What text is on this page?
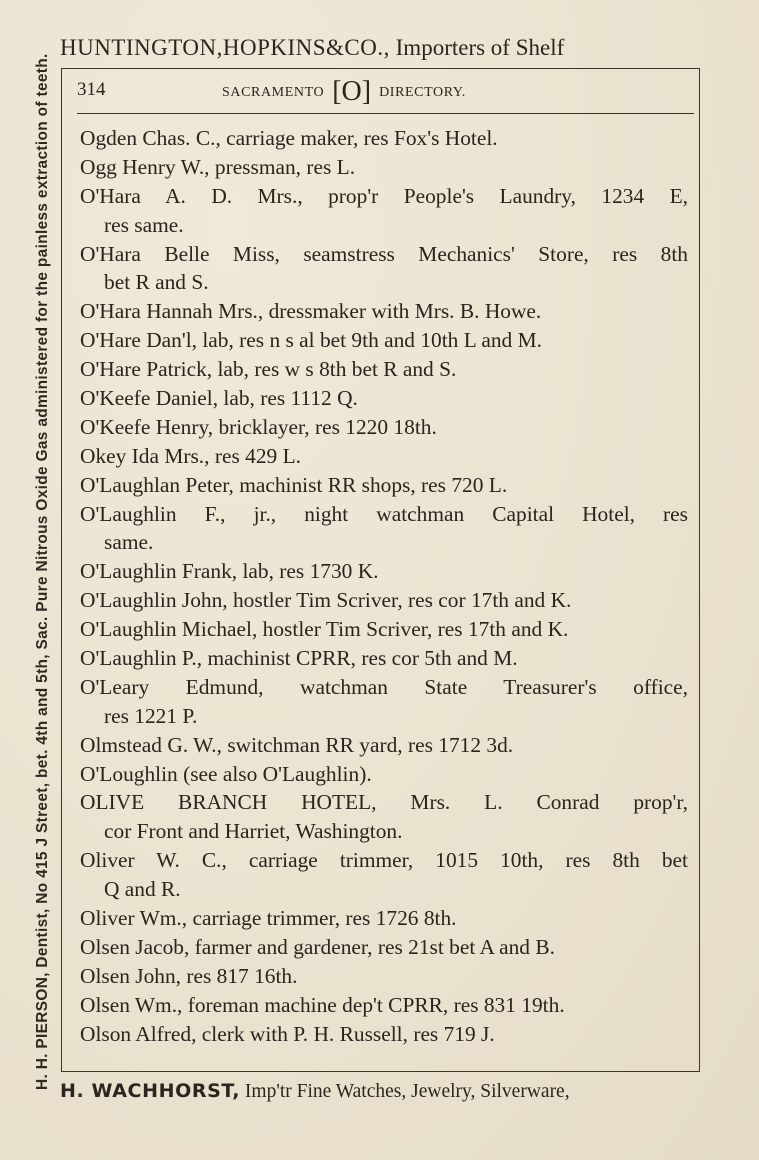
HUNTINGTON,HOPKINS&CO., Importers of Shelf
H. H. PIERSON, Dentist, No 415 J Street, bet. 4th and 5th, Sac. Pure Nitrous Oxide Gas administered for the painless extraction of teeth. 314	SACRAMENTO [O] DIRECTORY.
Ogden Chas. C., carriage maker, res Fox's Hotel.
Ogg Henry W., pressman, res L.
O'Hara A. D. Mrs., prop'r People's Laundry, 1234 E,
res same.
O'Hara Belle Miss, seamstress Mechanics' Store, res 8th
bet R and S.
O'Hara Hannah Mrs., dressmaker with Mrs. B. Howe.
O'Hare Dan'l, lab, res n s al bet 9th and 10th L and M.
O'Hare Patrick, lab, res w s 8th bet R and S.
O'Keefe Daniel, lab, res 1112 Q.
O'Keefe Henry, bricklayer, res 1220 18th.
Okey Ida Mrs., res 429 L.
O'Laughlan Peter, machinist RR shops, res 720 L.
O'Laughlin F., jr., night watchman Capital Hotel, res
same.
O'Laughlin Frank, lab, res 1730 K.
O'Laughlin John, hostler Tim Scriver, res cor 17th and K.
O'Laughlin Michael, hostler Tim Scriver, res 17th and K.
O'Laughlin P., machinist CPRR, res cor 5th and M.
O'Leary Edmund, watchman State Treasurer's office,
res 1221 P.
Olmstead G. W., switchman RR yard, res 1712 3d.
O'Loughlin (see also O'Laughlin).
OLIVE BRANCH HOTEL, Mrs. L. Conrad prop'r,
cor Front and Harriet, Washington.
Oliver W. C., carriage trimmer, 1015 10th, res 8th bet
Q and R.
Oliver Wm., carriage trimmer, res 1726 8th.
Olsen Jacob, farmer and gardener, res 21st bet A and B.
Olsen John, res 817 16th.
Olsen Wm., foreman machine dep't CPRR, res 831 19th.
Olson Alfred, clerk with P. H. Russell, res 719 J.
H. WACHHORST, Imp'tr Fine Watches, Jewelry, Silverware,
